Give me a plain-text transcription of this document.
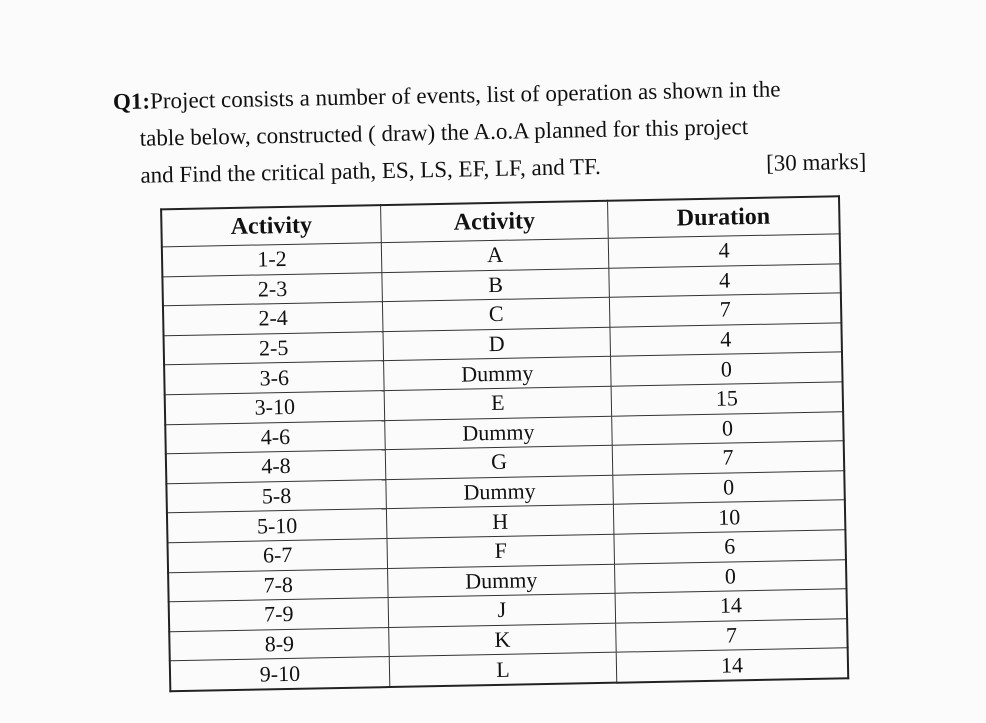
Q1:Project consists a number of events, list of operation as shown in the
table below, constructed ( draw) the A.o.A planned for this project
and Find the critical path, ES, LS, EF, LF, and TF.	[30 marks]
Activity	Activity	Duration
1-2	A	4
2-3	B	4
2-4	C	7
2-5	D	4
3-6	Dummy	0
3-10	E	15
4-6	Dummy	0
4-8	G	7
5-8	Dummy	0
5-10	H	10
6-7	F	6
7-8	Dummy	0
7-9	J	14
8-9	K	7
9-10	L	14
